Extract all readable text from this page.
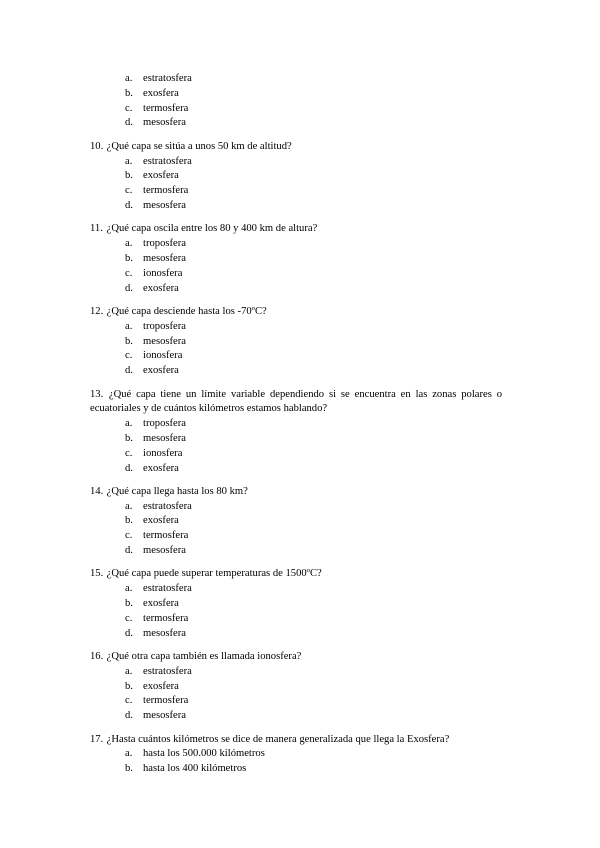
a.	estratosfera
b. exosfera
c.	termosfera
d. mesosfera

10. ¿Qué capa se sitúa a unos 50 km de altitud?

a.	estratosfera
b. exosfera
c.	termosfera
d. mesosfera

11. ¿Qué capa oscila entre los 80 y 400 km de altura?

a.	troposfera
b. mesosfera
c.	ionosfera
d. exosfera

12. ¿Qué capa desciende hasta los -70ºC?

a.	troposfera
b. mesosfera
c.	ionosfera
d. exosfera

13. ¿Qué capa tiene un límite variable dependiendo si se encuentra en las zonas polares o ecuatoriales y de cuántos kilómetros estamos hablando?

a.	troposfera
b. mesosfera
c.	ionosfera
d. exosfera

14. ¿Qué capa llega hasta los 80 km?

a.	estratosfera
b. exosfera
c.	termosfera
d. mesosfera

15. ¿Qué capa puede superar temperaturas de 1500ºC?

a.	estratosfera
b. exosfera
c.	termosfera
d. mesosfera

16. ¿Qué otra capa también es llamada ionosfera?

a.	estratosfera
b. exosfera
c.	termosfera
d. mesosfera

17. ¿Hasta cuántos kilómetros se dice de manera generalizada que llega la Exosfera?

a.	hasta los 500.000 kilómetros
b. hasta los 400 kilómetros
